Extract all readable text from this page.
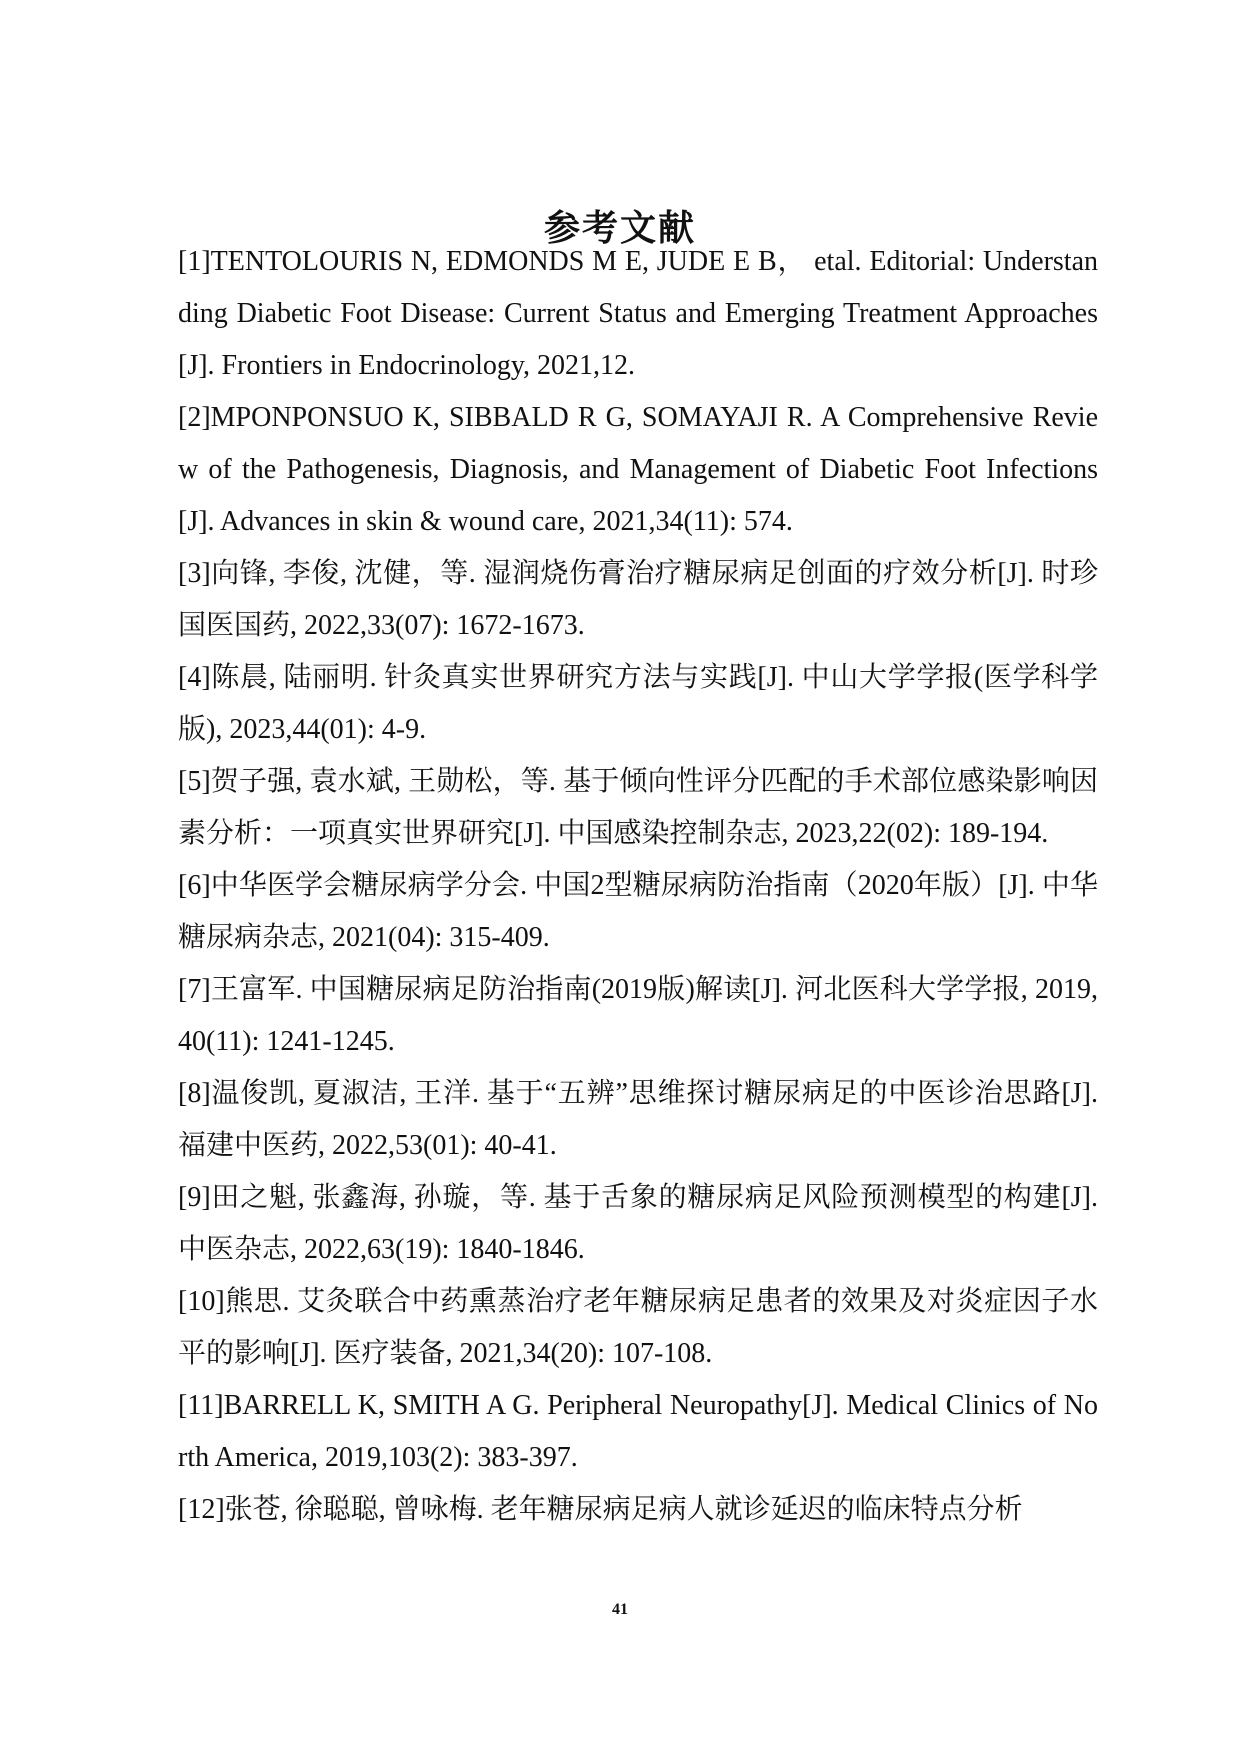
参考文献

[1]TENTOLOURIS N, EDMONDS M E, JUDE E B， etal. Editorial: Understanding Diabetic Foot Disease: Current Status and Emerging Treatment Approaches[J]. Frontiers in Endocrinology, 2021,12.

[2]MPONPONSUO K, SIBBALD R G, SOMAYAJI R. A Comprehensive Review of the Pathogenesis, Diagnosis, and Management of Diabetic Foot Infections[J]. Advances in skin & wound care, 2021,34(11): 574.

[3]向锋, 李俊, 沈健，等. 湿润烧伤膏治疗糖尿病足创面的疗效分析[J]. 时珍国医国药, 2022,33(07): 1672-1673.

[4]陈晨, 陆丽明. 针灸真实世界研究方法与实践[J]. 中山大学学报(医学科学版), 2023,44(01): 4-9.

[5]贺子强, 袁水斌, 王勋松，等. 基于倾向性评分匹配的手术部位感染影响因素分析：一项真实世界研究[J]. 中国感染控制杂志, 2023,22(02): 189-194.

[6]中华医学会糖尿病学分会. 中国2型糖尿病防治指南（2020年版）[J]. 中华糖尿病杂志, 2021(04): 315-409.

[7]王富军. 中国糖尿病足防治指南(2019版)解读[J]. 河北医科大学学报, 2019,40(11): 1241-1245.

[8]温俊凯, 夏淑洁, 王洋. 基于“五辨”思维探讨糖尿病足的中医诊治思路[J]. 福建中医药, 2022,53(01): 40-41.

[9]田之魁, 张鑫海, 孙璇，等. 基于舌象的糖尿病足风险预测模型的构建[J]. 中医杂志, 2022,63(19): 1840-1846.

[10]熊思. 艾灸联合中药熏蒸治疗老年糖尿病足患者的效果及对炎症因子水平的影响[J]. 医疗装备, 2021,34(20): 107-108.

[11]BARRELL K, SMITH A G. Peripheral Neuropathy[J]. Medical Clinics of North America, 2019,103(2): 383-397.

[12]张苍, 徐聪聪, 曾咏梅. 老年糖尿病足病人就诊延迟的临床特点分析

41
